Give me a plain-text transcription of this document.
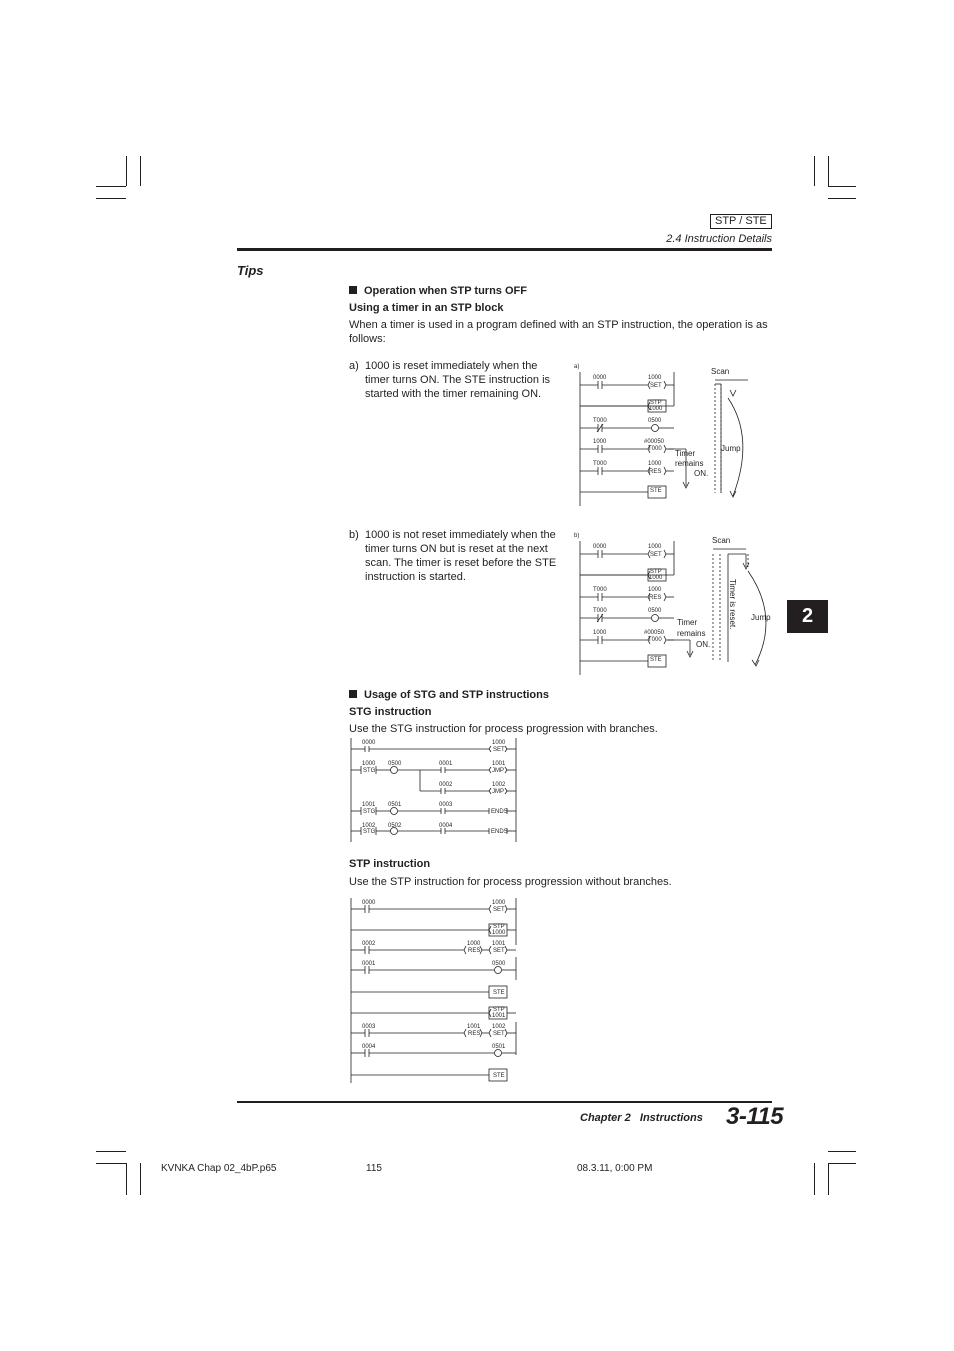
STP / STE
2.4 Instruction Details
Tips
Operation when STP turns OFF
Using a timer in an STP block
When a timer is used in a program defined with an STP instruction, the operation is as follows:
a) 1000 is reset immediately when the
timer turns ON. The STE instruction is
started with the timer remaining ON.
b) 1000 is not reset immediately when the
timer turns ON but is reset at the next
scan. The timer is reset before the STE
instruction is started.
a)
0000	1000
SET
STP
1000
T000	0500
1000	#00050
T000
T000	1000
RES
STE
Scan
Jump
Timer
remains
ON.
b)
0000	1000
SET
STP
1000
T000	1000
RES
T000	0500
1000	#00050
T000
STE
Scan
Jump
Timer is reset.
Timer
remains
ON.
2
Usage of STG and STP instructions
STG instruction
Use the STG instruction for process progression with branches.
0000	1000
SET
1000
STG
0500	0001	1001
JMP
0002	1002
JMP
1001
STG
0501	0003
ENDS
1002
STG
0502	0004
ENDS
STP instruction
Use the STP instruction for process progression without branches.
0000	1000
SET
STP
1000
0002	1000
RES
1001
SET
0001	0500
STE
STP
1001
0003	1001
RES
1002
SET
0004	0501
STE
Chapter 2   Instructions 3-115
KVNKA Chap 02_4bP.p65	115	08.3.11, 0:00 PM
